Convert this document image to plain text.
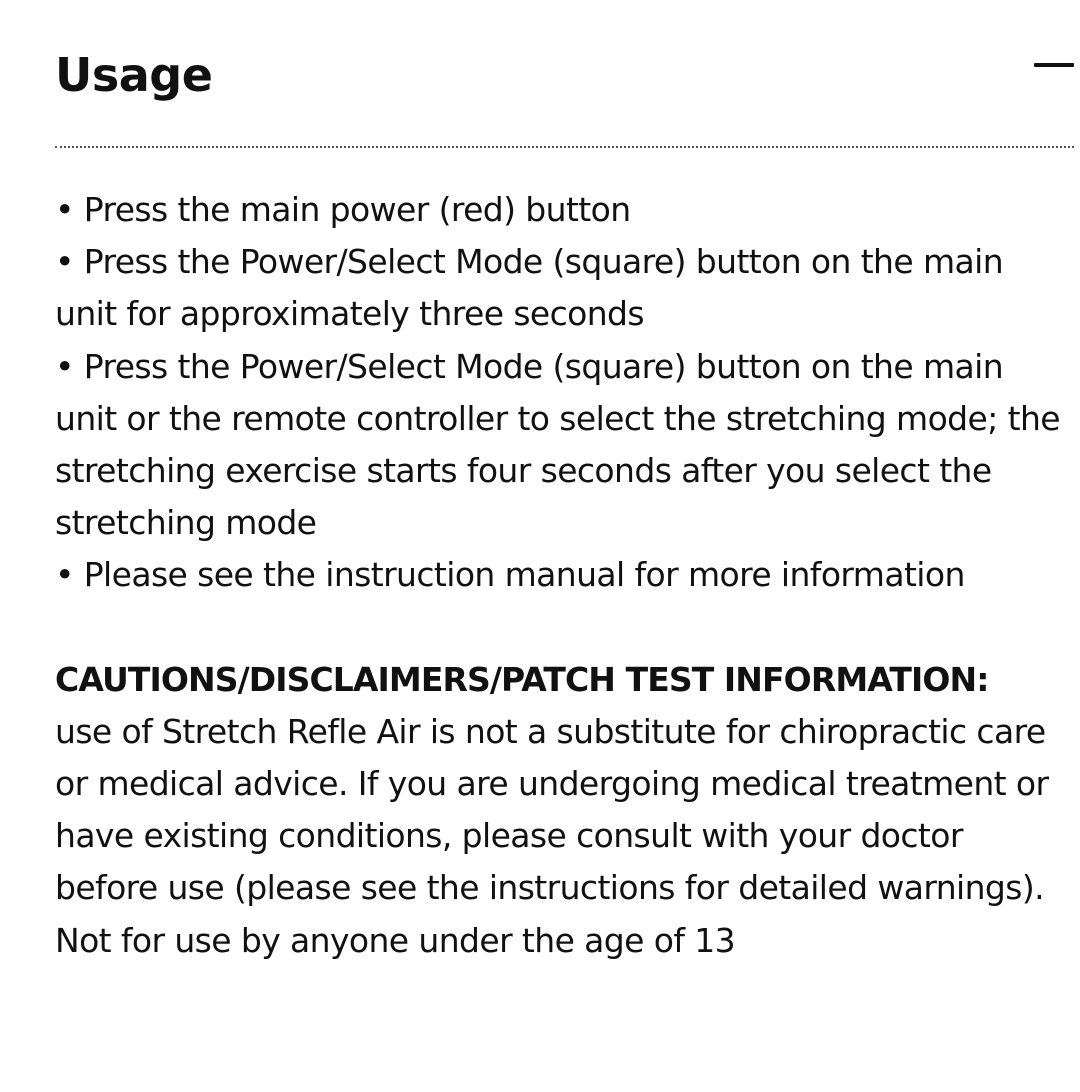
Usage
• Press the main power (red) button
• Press the Power/Select Mode (square) button on the main unit for approximately three seconds
• Press the Power/Select Mode (square) button on the main unit or the remote controller to select the stretching mode; the stretching exercise starts four seconds after you select the stretching mode
• Please see the instruction manual for more information

CAUTIONS/DISCLAIMERS/PATCH TEST INFORMATION:
use of Stretch Refle Air is not a substitute for chiropractic care or medical advice. If you are undergoing medical treatment or have existing conditions, please consult with your doctor before use (please see the instructions for detailed warnings). Not for use by anyone under the age of 13
